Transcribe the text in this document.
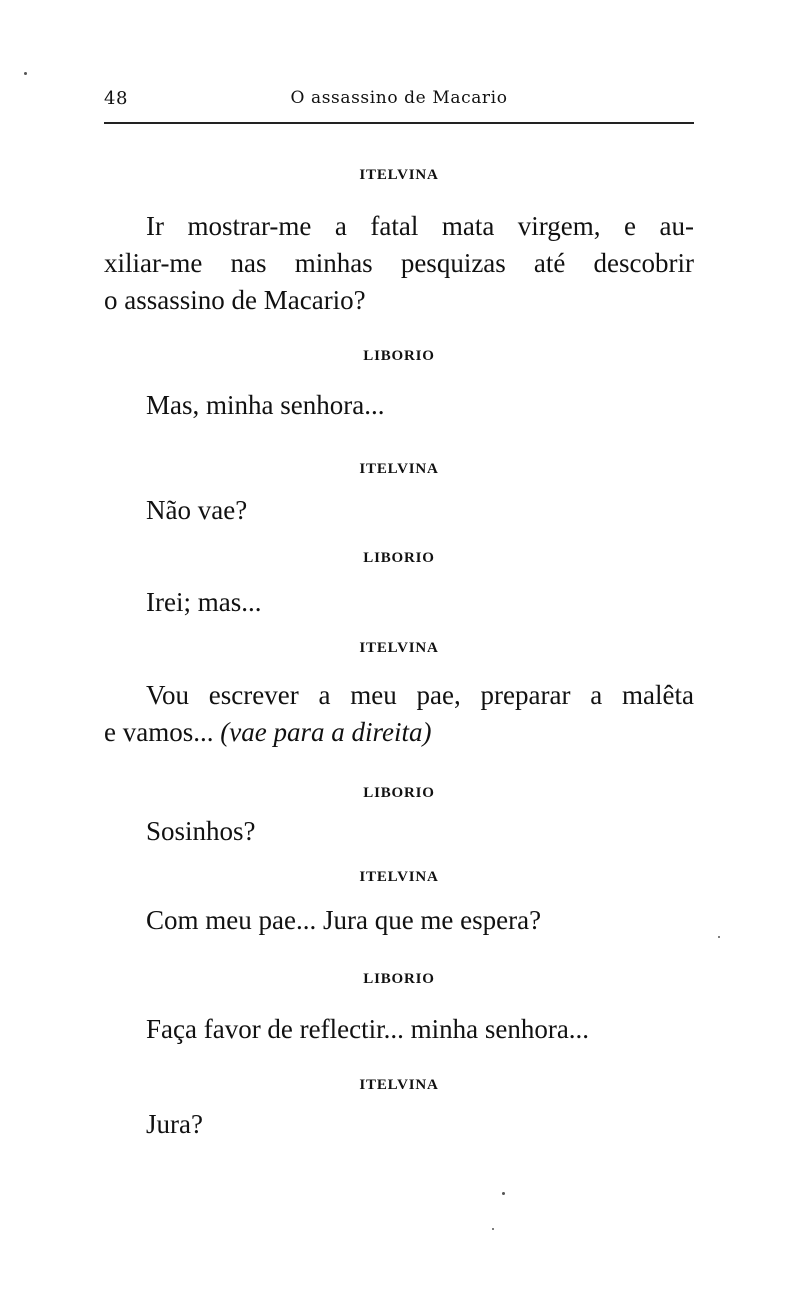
48	O assassino de Macario
ITELVINA
Ir mostrar-me a fatal mata virgem, e au-
xiliar-me nas minhas pesquizas até descobrir
o assassino de Macario?
LIBORIO
Mas, minha senhora...
ITELVINA
Não vae?
LIBORIO
Irei; mas...
ITELVINA
Vou escrever a meu pae, preparar a malêta
e vamos... (vae para a direita)
LIBORIO
Sosinhos?
ITELVINA
Com meu pae... Jura que me espera?
LIBORIO
Faça favor de reflectir... minha senhora...
ITELVINA
Jura?
